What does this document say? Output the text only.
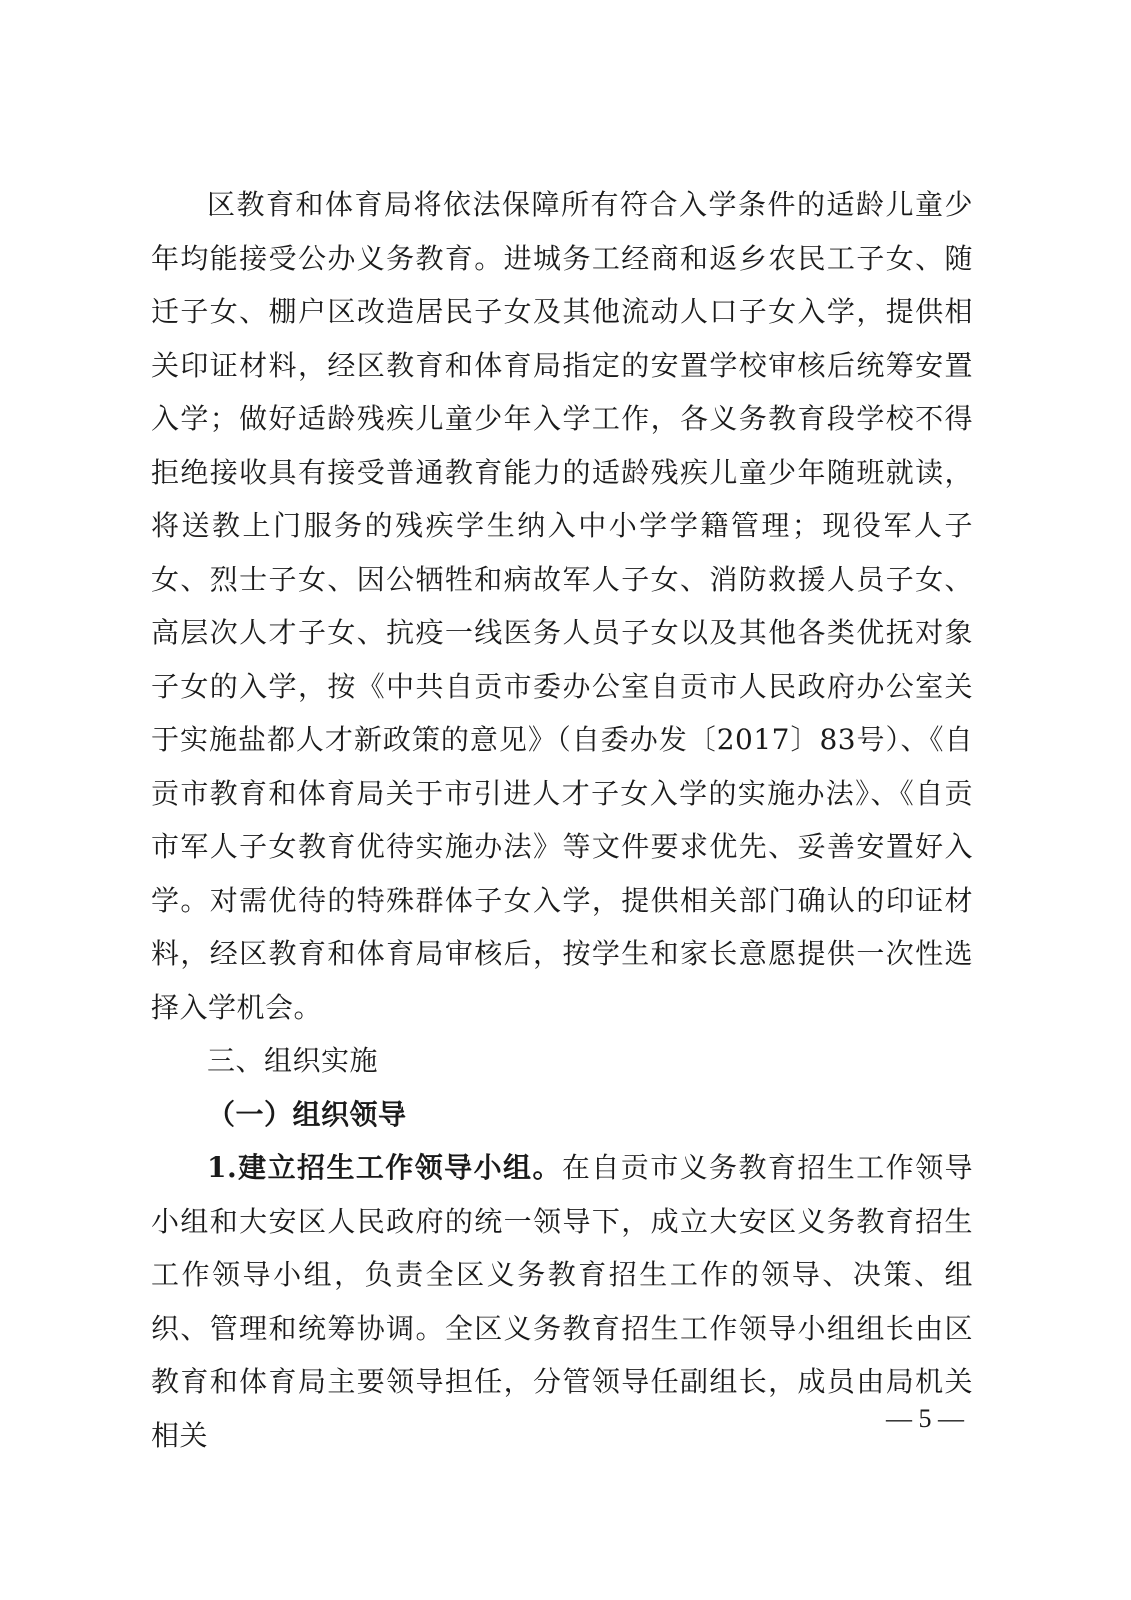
区教育和体育局将依法保障所有符合入学条件的适龄儿童少年均能接受公办义务教育。进城务工经商和返乡农民工子女、随迁子女、棚户区改造居民子女及其他流动人口子女入学，提供相关印证材料，经区教育和体育局指定的安置学校审核后统筹安置入学；做好适龄残疾儿童少年入学工作，各义务教育段学校不得拒绝接收具有接受普通教育能力的适龄残疾儿童少年随班就读，将送教上门服务的残疾学生纳入中小学学籍管理；现役军人子女、烈士子女、因公牺牲和病故军人子女、消防救援人员子女、高层次人才子女、抗疫一线医务人员子女以及其他各类优抚对象子女的入学，按《中共自贡市委办公室自贡市人民政府办公室关于实施盐都人才新政策的意见》（自委办发〔2017〕83号）、《自贡市教育和体育局关于市引进人才子女入学的实施办法》、《自贡市军人子女教育优待实施办法》等文件要求优先、妥善安置好入学。对需优待的特殊群体子女入学，提供相关部门确认的印证材料，经区教育和体育局审核后，按学生和家长意愿提供一次性选择入学机会。

三、组织实施

（一）组织领导

1.建立招生工作领导小组。在自贡市义务教育招生工作领导小组和大安区人民政府的统一领导下，成立大安区义务教育招生工作领导小组，负责全区义务教育招生工作的领导、决策、组织、管理和统筹协调。全区义务教育招生工作领导小组组长由区教育和体育局主要领导担任，分管领导任副组长，成员由局机关相关	— 5 —
